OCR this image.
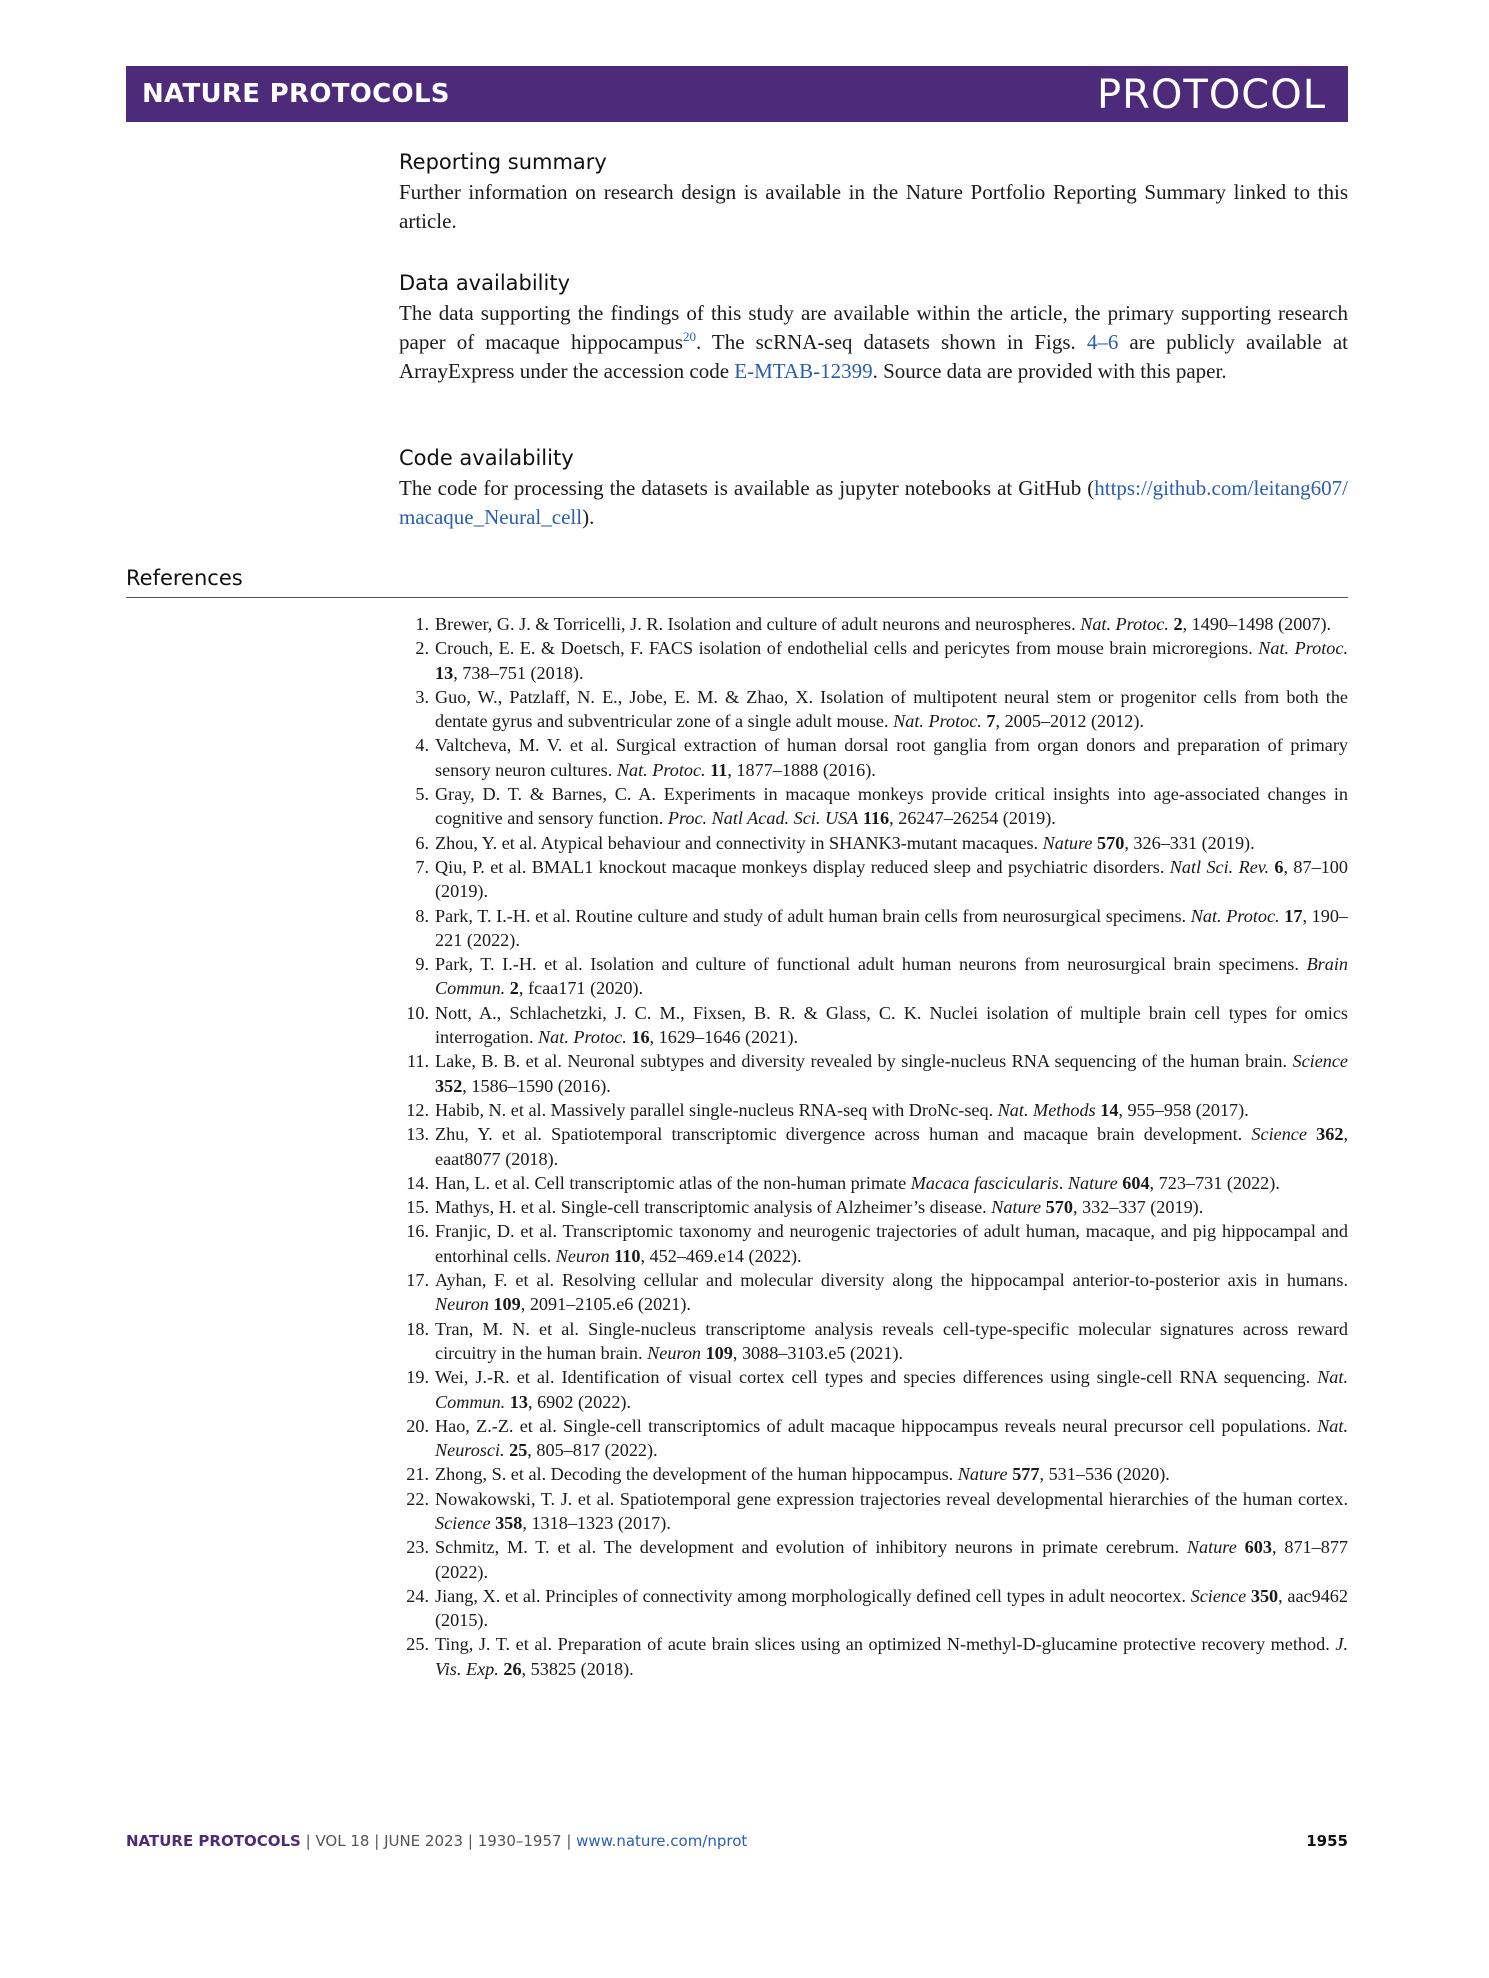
NATURE PROTOCOLS	PROTOCOL
Reporting summary

Further information on research design is available in the Nature Portfolio Reporting Summary linked to this article.

Data availability

The data supporting the findings of this study are available within the article, the primary supporting research paper of macaque hippocampus$^{20}$. The scRNA-seq datasets shown in Figs. 4–6 are publicly available at ArrayExpress under the accession code E-MTAB-12399. Source data are provided with this paper.

Code availability

The code for processing the datasets is available as jupyter notebooks at GitHub (https://github.com/leitang607/macaque_Neural_cell).

References
1. Brewer, G. J. & Torricelli, J. R. Isolation and culture of adult neurons and neurospheres. Nat. Protoc. 2, 1490–1498 (2007).
2. Crouch, E. E. & Doetsch, F. FACS isolation of endothelial cells and pericytes from mouse brain microregions. Nat. Protoc. 13, 738–751 (2018).
3. Guo, W., Patzlaff, N. E., Jobe, E. M. & Zhao, X. Isolation of multipotent neural stem or progenitor cells from both the dentate gyrus and subventricular zone of a single adult mouse. Nat. Protoc. 7, 2005–2012 (2012).
4. Valtcheva, M. V. et al. Surgical extraction of human dorsal root ganglia from organ donors and preparation of primary sensory neuron cultures. Nat. Protoc. 11, 1877–1888 (2016).
5. Gray, D. T. & Barnes, C. A. Experiments in macaque monkeys provide critical insights into age-associated changes in cognitive and sensory function. Proc. Natl Acad. Sci. USA 116, 26247–26254 (2019).
6. Zhou, Y. et al. Atypical behaviour and connectivity in SHANK3-mutant macaques. Nature 570, 326–331 (2019).
7. Qiu, P. et al. BMAL1 knockout macaque monkeys display reduced sleep and psychiatric disorders. Natl Sci. Rev. 6, 87–100 (2019).
8. Park, T. I.-H. et al. Routine culture and study of adult human brain cells from neurosurgical specimens. Nat. Protoc. 17, 190–221 (2022).
9. Park, T. I.-H. et al. Isolation and culture of functional adult human neurons from neurosurgical brain specimens. Brain Commun. 2, fcaa171 (2020).
10. Nott, A., Schlachetzki, J. C. M., Fixsen, B. R. & Glass, C. K. Nuclei isolation of multiple brain cell types for omics interrogation. Nat. Protoc. 16, 1629–1646 (2021).
11. Lake, B. B. et al. Neuronal subtypes and diversity revealed by single-nucleus RNA sequencing of the human brain. Science 352, 1586–1590 (2016).
12. Habib, N. et al. Massively parallel single-nucleus RNA-seq with DroNc-seq. Nat. Methods 14, 955–958 (2017).
13. Zhu, Y. et al. Spatiotemporal transcriptomic divergence across human and macaque brain development. Science 362, eaat8077 (2018).
14. Han, L. et al. Cell transcriptomic atlas of the non-human primate Macaca fascicularis. Nature 604, 723–731 (2022).
15. Mathys, H. et al. Single-cell transcriptomic analysis of Alzheimer’s disease. Nature 570, 332–337 (2019).
16. Franjic, D. et al. Transcriptomic taxonomy and neurogenic trajectories of adult human, macaque, and pig hippocampal and entorhinal cells. Neuron 110, 452–469.e14 (2022).
17. Ayhan, F. et al. Resolving cellular and molecular diversity along the hippocampal anterior-to-posterior axis in humans. Neuron 109, 2091–2105.e6 (2021).
18. Tran, M. N. et al. Single-nucleus transcriptome analysis reveals cell-type-specific molecular signatures across reward circuitry in the human brain. Neuron 109, 3088–3103.e5 (2021).
19. Wei, J.-R. et al. Identification of visual cortex cell types and species differences using single-cell RNA sequencing. Nat. Commun. 13, 6902 (2022).
20. Hao, Z.-Z. et al. Single-cell transcriptomics of adult macaque hippocampus reveals neural precursor cell populations. Nat. Neurosci. 25, 805–817 (2022).
21. Zhong, S. et al. Decoding the development of the human hippocampus. Nature 577, 531–536 (2020).
22. Nowakowski, T. J. et al. Spatiotemporal gene expression trajectories reveal developmental hierarchies of the human cortex. Science 358, 1318–1323 (2017).
23. Schmitz, M. T. et al. The development and evolution of inhibitory neurons in primate cerebrum. Nature 603, 871–877 (2022).
24. Jiang, X. et al. Principles of connectivity among morphologically defined cell types in adult neocortex. Science 350, aac9462 (2015).
25. Ting, J. T. et al. Preparation of acute brain slices using an optimized N-methyl-D-glucamine protective recovery method. J. Vis. Exp. 26, 53825 (2018).
NATURE PROTOCOLS | VOL 18 | JUNE 2023 | 1930–1957 | www.nature.com/nprot	1955
